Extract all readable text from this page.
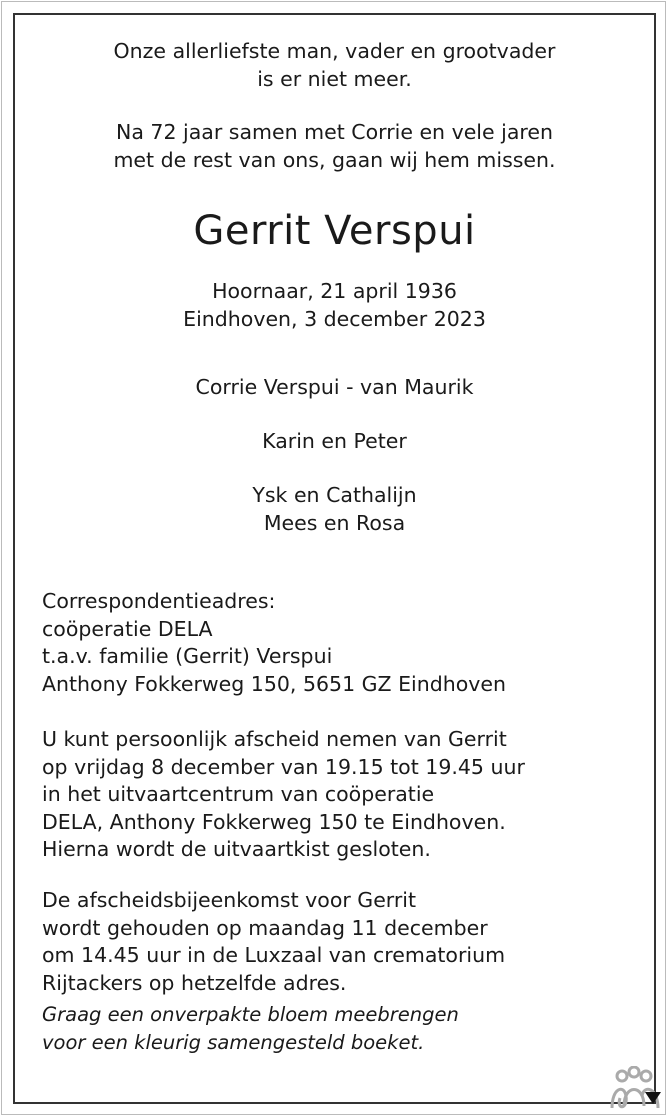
Onze allerliefste man, vader en grootvader
is er niet meer.
Na 72 jaar samen met Corrie en vele jaren
met de rest van ons, gaan wij hem missen.
Gerrit Verspui
Hoornaar, 21 april 1936
Eindhoven, 3 december 2023
Corrie Verspui - van Maurik
Karin en Peter
Ysk en Cathalijn
Mees en Rosa
Correspondentieadres:
coöperatie DELA
t.a.v. familie (Gerrit) Verspui
Anthony Fokkerweg 150, 5651 GZ Eindhoven
U kunt persoonlijk afscheid nemen van Gerrit
op vrijdag 8 december van 19.15 tot 19.45 uur
in het uitvaartcentrum van coöperatie
DELA, Anthony Fokkerweg 150 te Eindhoven.
Hierna wordt de uitvaartkist gesloten.
De afscheidsbijeenkomst voor Gerrit
wordt gehouden op maandag 11 december
om 14.45 uur in de Luxzaal van crematorium
Rijtackers op hetzelfde adres.
Graag een onverpakte bloem meebrengen
voor een kleurig samengesteld boeket.
